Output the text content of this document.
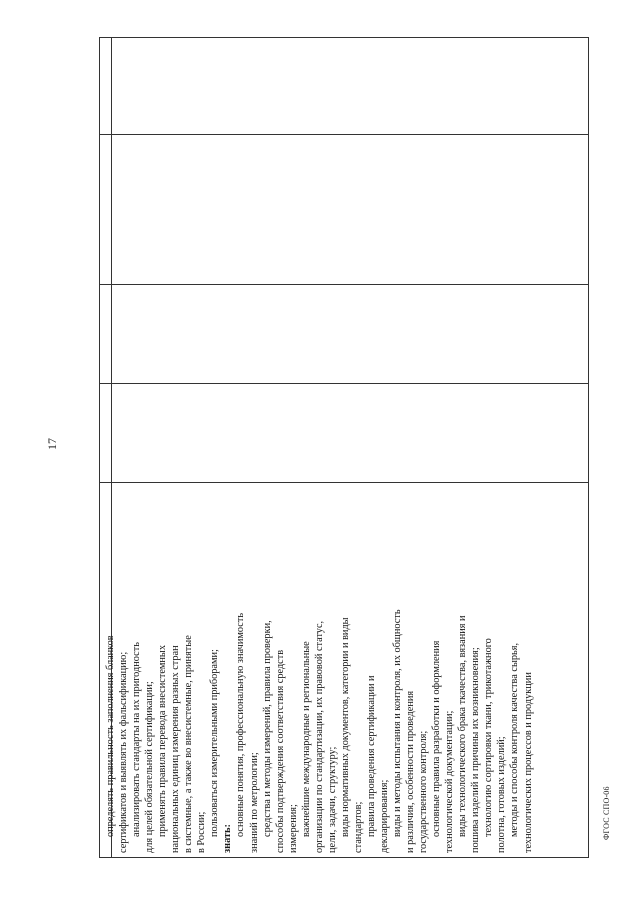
17
определять правильность заполнения бланков сертификатов и выявлять их фальсификацию; анализировать стандарты на их пригодность для целей обязательной сертификации; применять правила перевода внесистемных национальных единиц измерения разных стран в системные, а также во внесистемные, принятые в России; пользоваться измерительными приборами;
знать:
основные понятия, профессиональную значимость знаний по метрологии; средства и методы измерений, правила проверки, способы подтверждения соответствия средств измерения; важнейшие международные и региональные организации по стандартизации, их правовой статус, цели, задачи, структуру; виды нормативных документов, категории и виды стандартов; правила проведения сертификации и декларирования; виды и методы испытания и контроля, их общность и различия, особенности проведения государственного контроля; основные правила разработки и оформления технологической документации; виды технологического брака ткачества, вязания и пошива изделий и причины их возникновения; технологию сортировки ткани, трикотажного полотна, готовых изделий; методы и способы контроля качества сырья, технологических процессов и продукции	ФГОС СПО-06
